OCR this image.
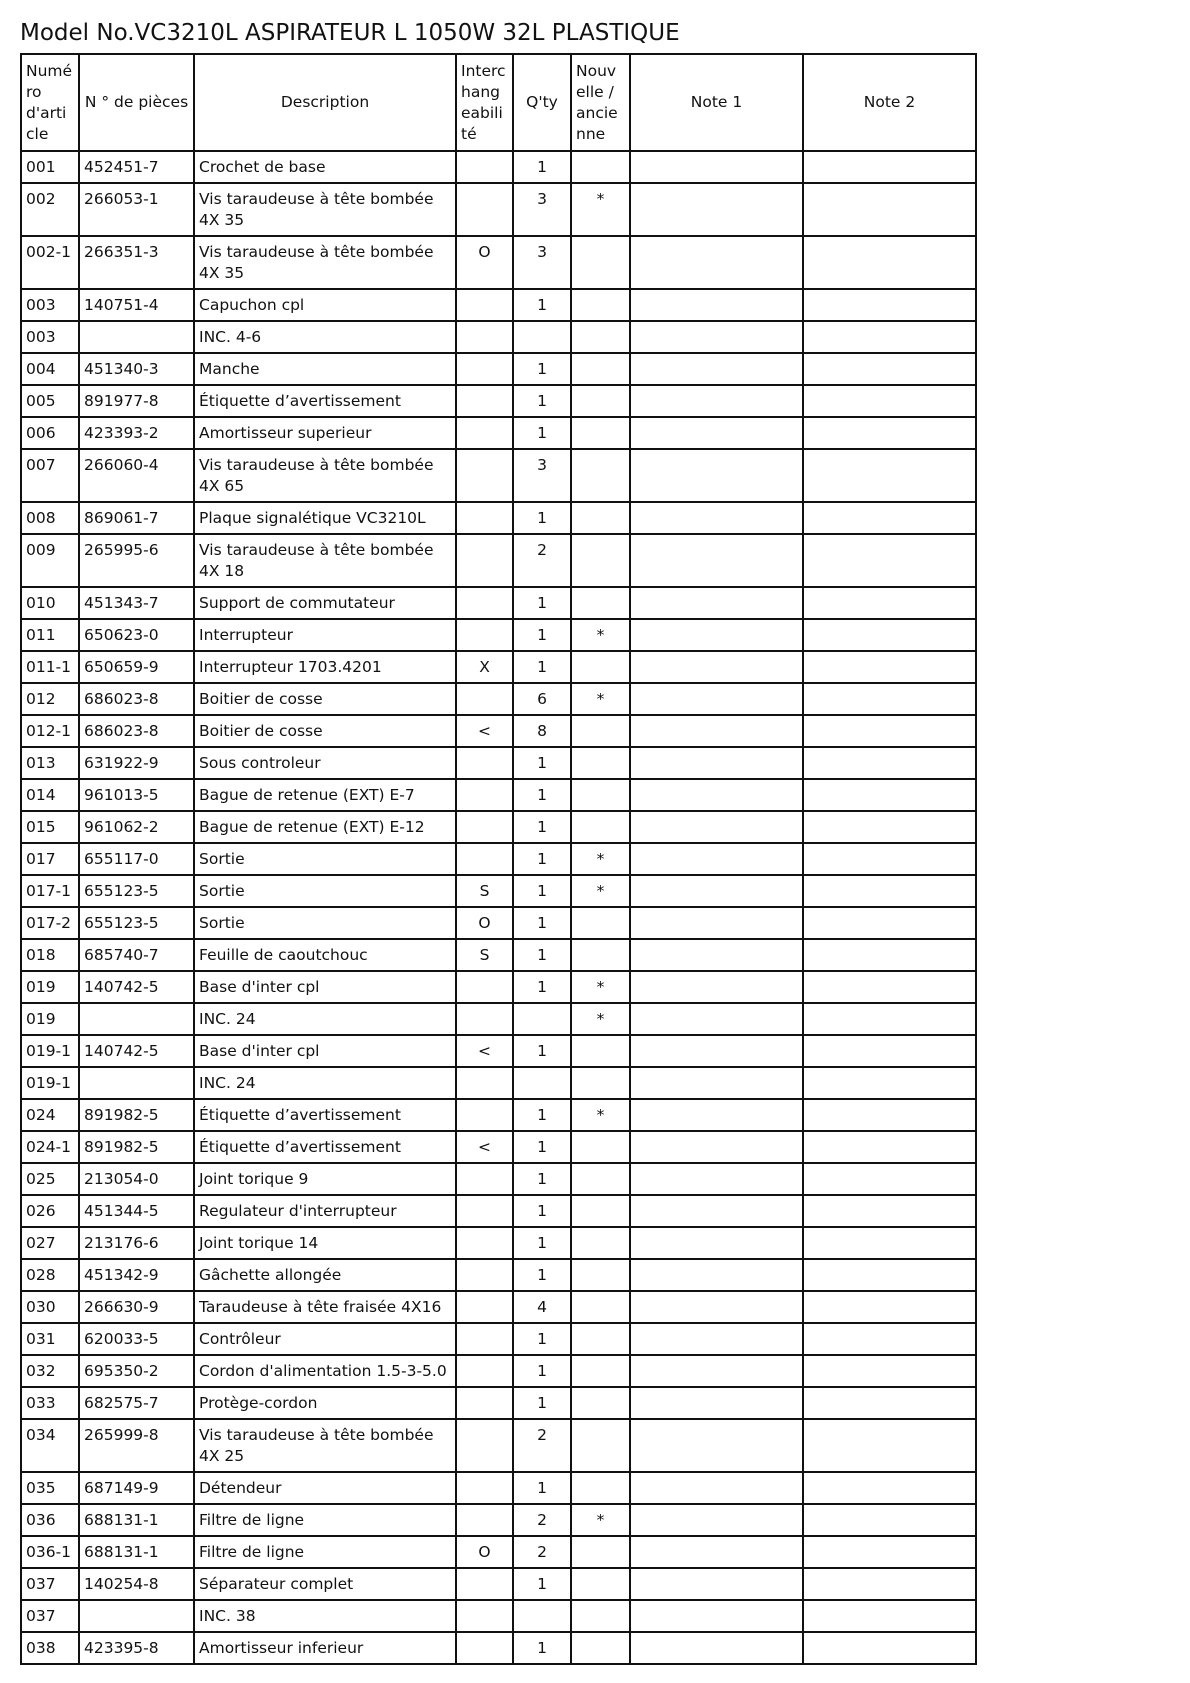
Model No.VC3210L ASPIRATEUR L 1050W 32L PLASTIQUE
Numéro d'article	N ° de pièces	Description	Interchangeabilité	Q'ty	Nouvelle / ancienne	Note 1	Note 2
001	452451-7	Crochet de base		1			
002	266053-1	Vis taraudeuse à tête bombée 4X 35		3	*		
002-1	266351-3	Vis taraudeuse à tête bombée 4X 35	O	3			
003	140751-4	Capuchon cpl		1			
003		INC. 4-6					
004	451340-3	Manche		1			
005	891977-8	Étiquette d’avertissement		1			
006	423393-2	Amortisseur superieur		1			
007	266060-4	Vis taraudeuse à tête bombée 4X 65		3			
008	869061-7	Plaque signalétique VC3210L		1			
009	265995-6	Vis taraudeuse à tête bombée 4X 18		2			
010	451343-7	Support de commutateur		1			
011	650623-0	Interrupteur		1	*		
011-1	650659-9	Interrupteur 1703.4201	X	1			
012	686023-8	Boitier de cosse		6	*		
012-1	686023-8	Boitier de cosse	<	8			
013	631922-9	Sous controleur		1			
014	961013-5	Bague de retenue (EXT) E-7		1			
015	961062-2	Bague de retenue (EXT) E-12		1			
017	655117-0	Sortie		1	*		
017-1	655123-5	Sortie	S	1	*		
017-2	655123-5	Sortie	O	1			
018	685740-7	Feuille de caoutchouc	S	1			
019	140742-5	Base d'inter cpl		1	*		
019		INC. 24			*		
019-1	140742-5	Base d'inter cpl	<	1			
019-1		INC. 24					
024	891982-5	Étiquette d’avertissement		1	*		
024-1	891982-5	Étiquette d’avertissement	<	1			
025	213054-0	Joint torique 9		1			
026	451344-5	Regulateur d'interrupteur		1			
027	213176-6	Joint torique 14		1			
028	451342-9	Gâchette allongée		1			
030	266630-9	Taraudeuse à tête fraisée 4X16		4			
031	620033-5	Contrôleur		1			
032	695350-2	Cordon d'alimentation 1.5-3-5.0		1			
033	682575-7	Protège-cordon		1			
034	265999-8	Vis taraudeuse à tête bombée 4X 25		2			
035	687149-9	Détendeur		1			
036	688131-1	Filtre de ligne		2	*		
036-1	688131-1	Filtre de ligne	O	2			
037	140254-8	Séparateur complet		1			
037		INC. 38					
038	423395-8	Amortisseur inferieur		1			
